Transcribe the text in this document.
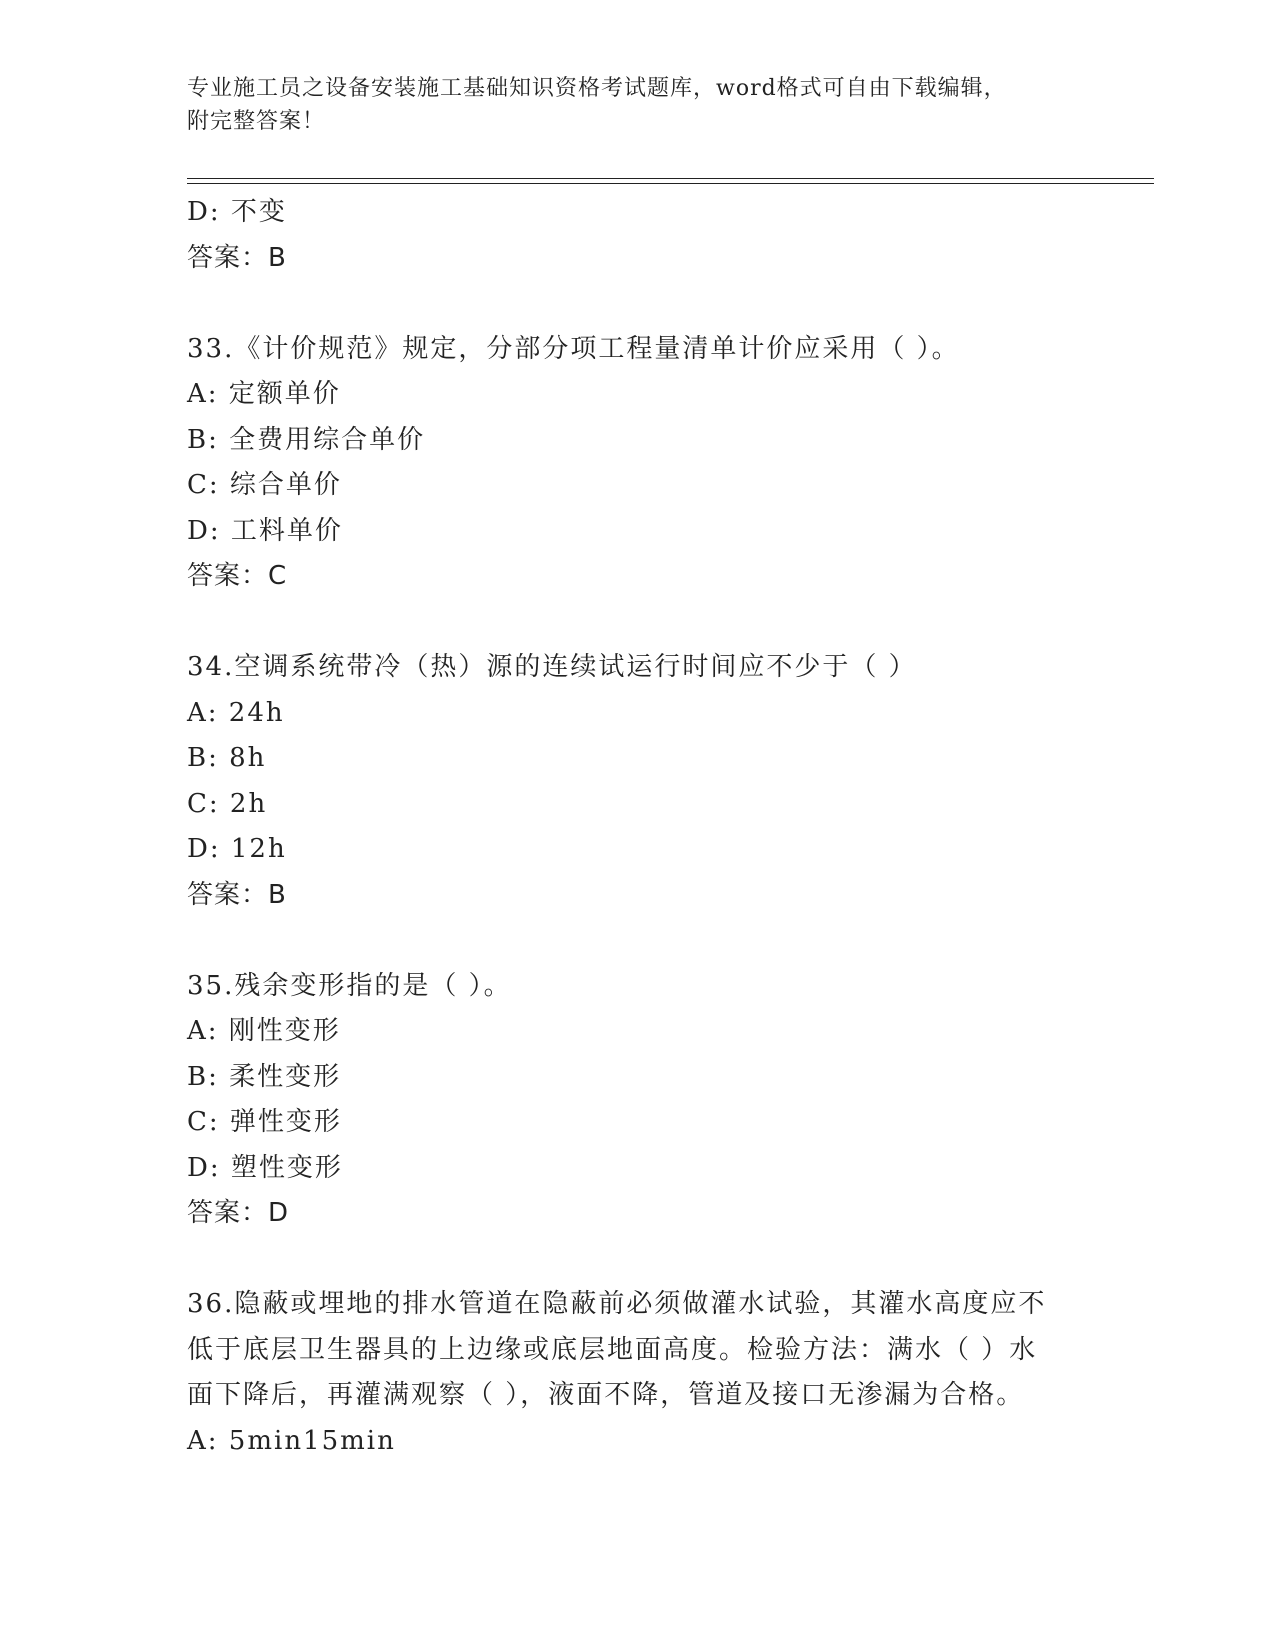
专业施工员之设备安装施工基础知识资格考试题库，word格式可自由下载编辑，
附完整答案！
D: 不变
答案：B
33.《计价规范》规定，分部分项工程量清单计价应采用（ ）。
A: 定额单价
B: 全费用综合单价
C: 综合单价
D: 工料单价
答案：C
34.空调系统带冷（热）源的连续试运行时间应不少于（ ）
A: 24h
B: 8h
C: 2h
D: 12h
答案：B
35.残余变形指的是（ ）。
A: 刚性变形
B: 柔性变形
C: 弹性变形
D: 塑性变形
答案：D
36.隐蔽或埋地的排水管道在隐蔽前必须做灌水试验，其灌水高度应不
低于底层卫生器具的上边缘或底层地面高度。检验方法：满水（ ）水
面下降后，再灌满观察（ ），液面不降，管道及接口无渗漏为合格。
A: 5min15min
